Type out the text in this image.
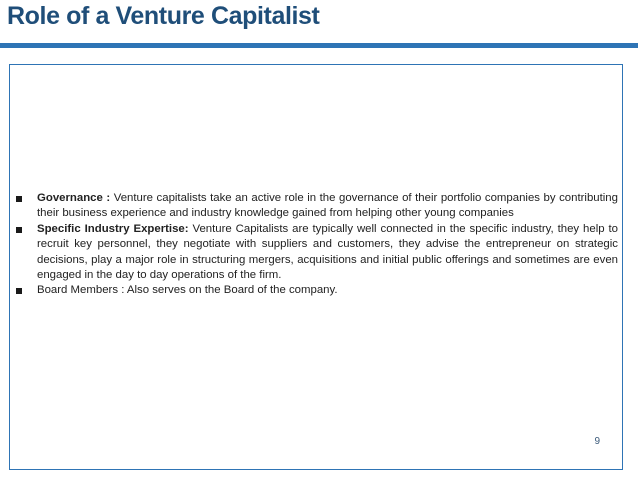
Role of a Venture Capitalist
Governance : Venture capitalists take an active role in the governance of their portfolio companies by contributing their business experience and industry knowledge gained from helping other young companies
Specific Industry Expertise: Venture Capitalists are typically well connected in the specific industry, they help to recruit key personnel, they negotiate with suppliers and customers, they advise the entrepreneur on strategic decisions, play a major role in structuring mergers, acquisitions and initial public offerings and sometimes are even engaged in the day to day operations of the firm.
Board Members : Also serves on the Board of the company.
9
